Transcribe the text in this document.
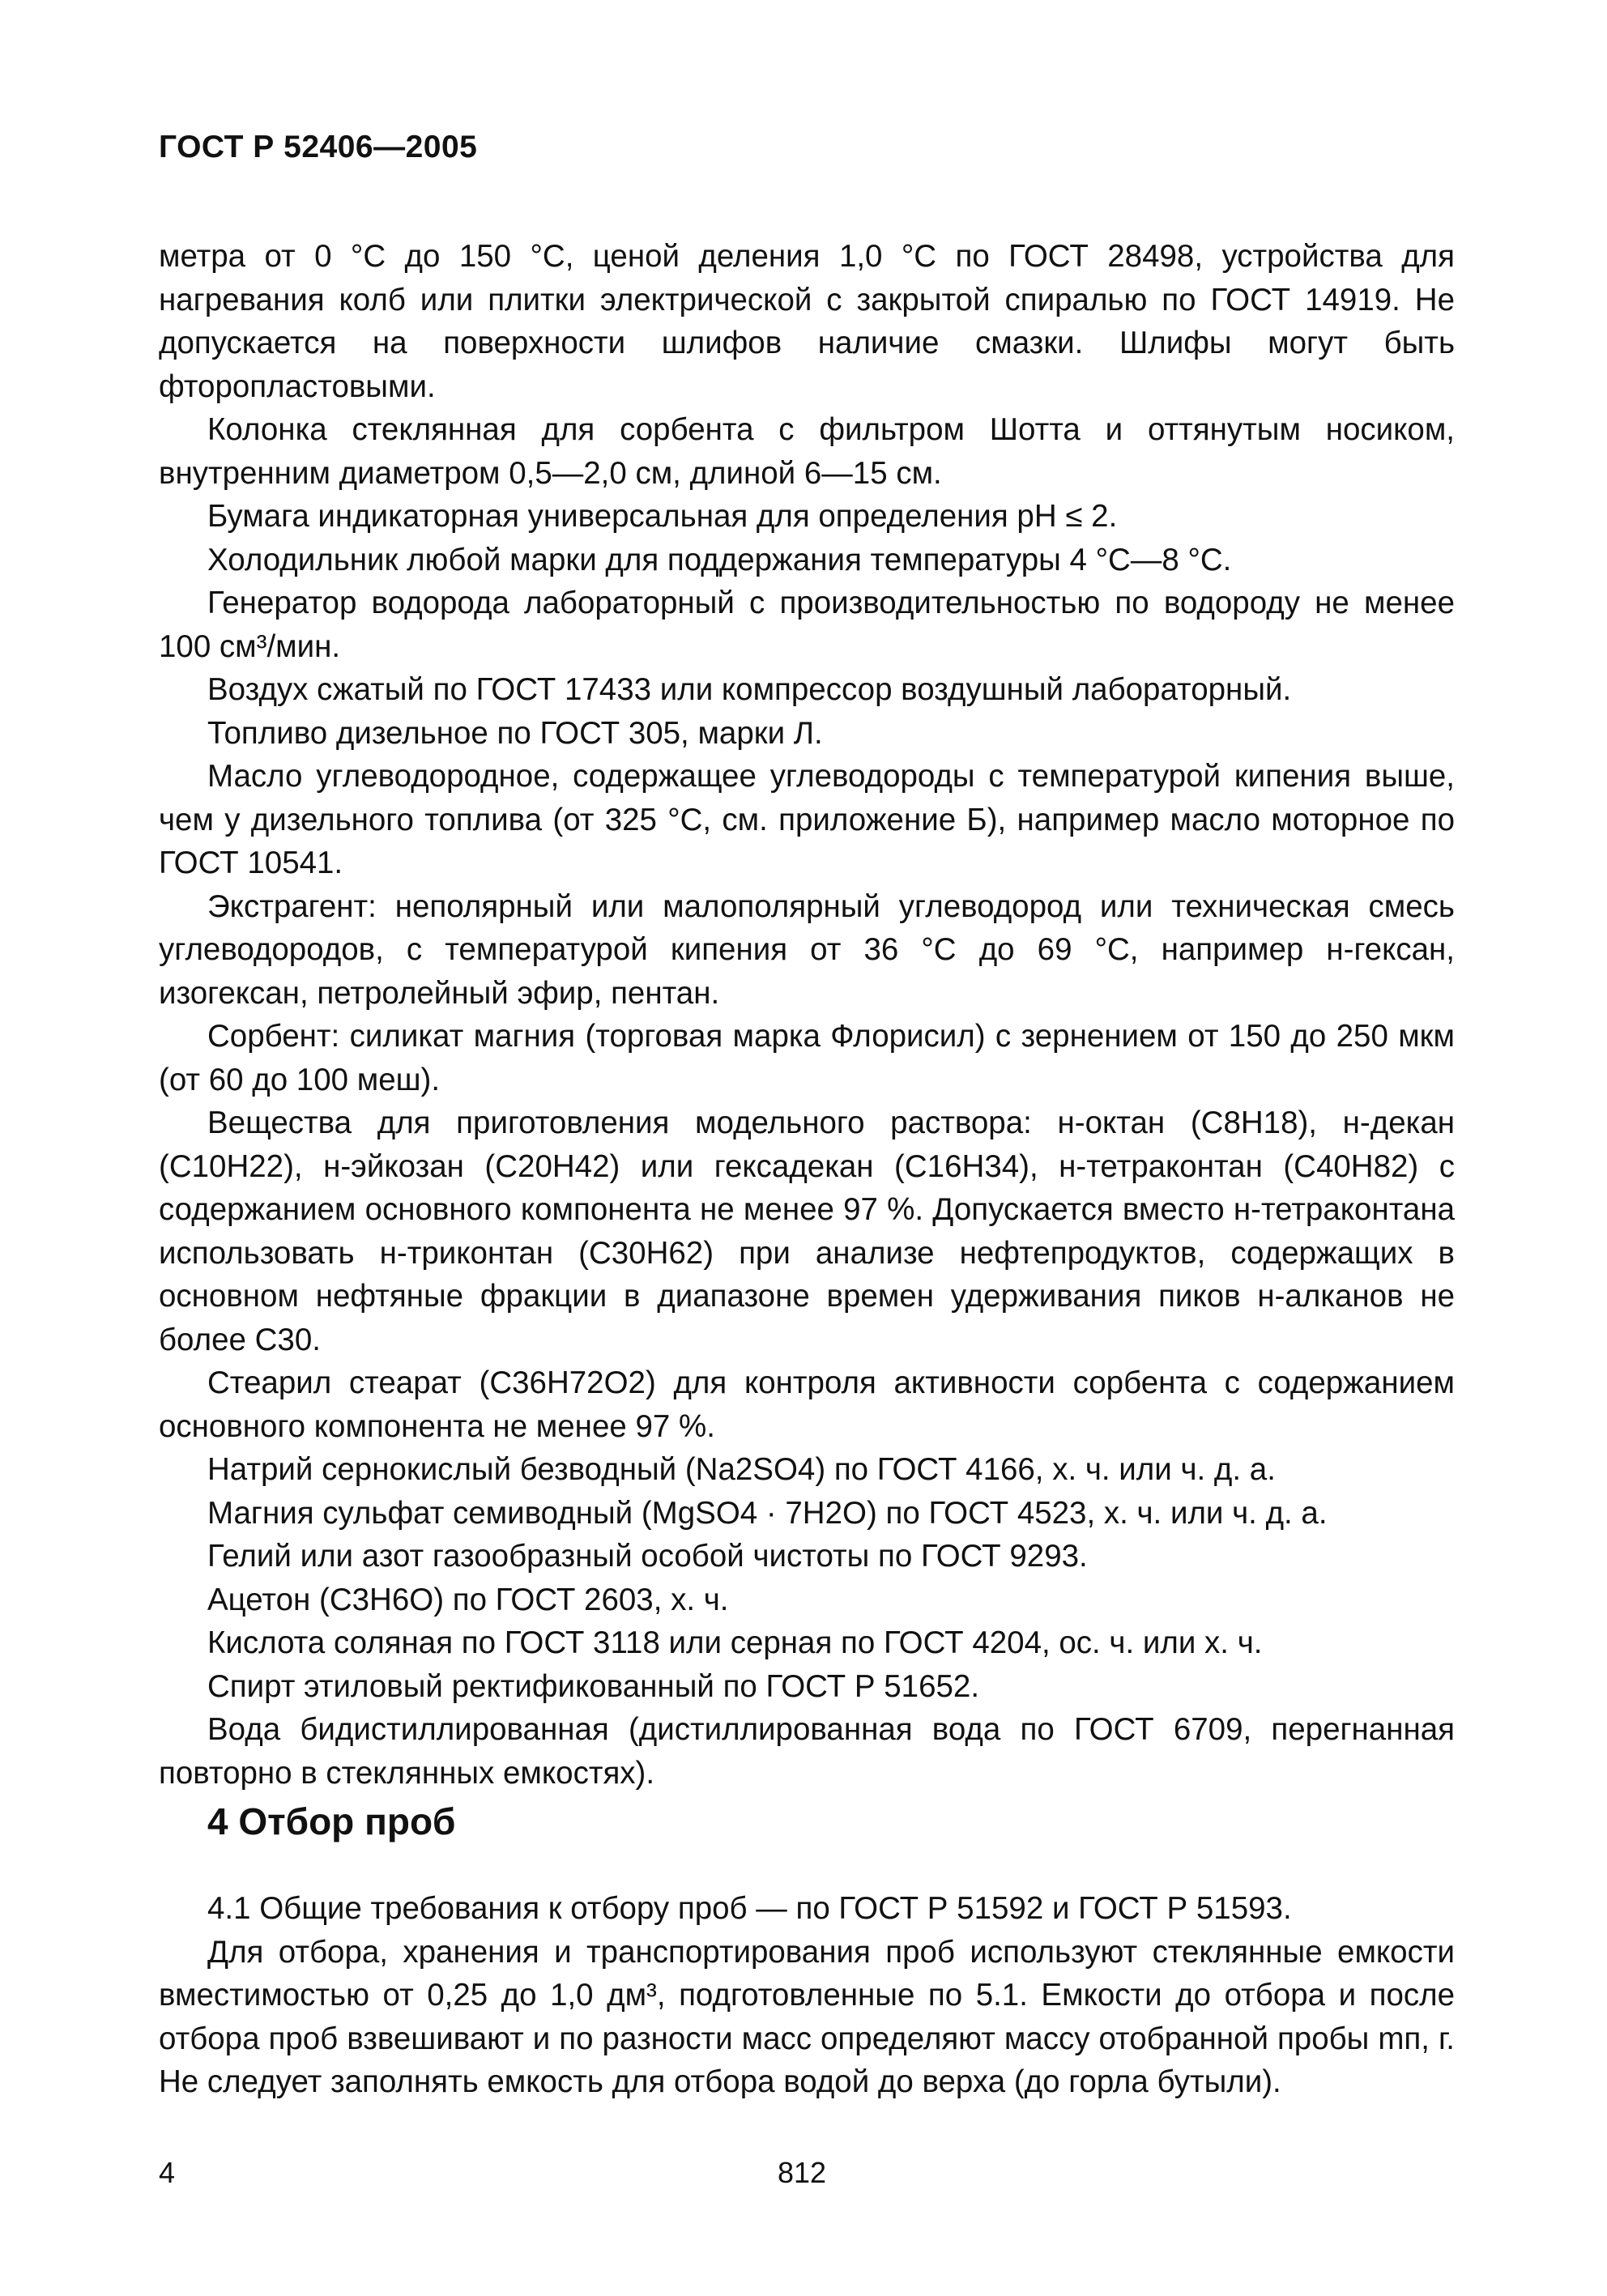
ГОСТ Р 52406—2005

метра от 0 °С до 150 °С, ценой деления 1,0 °С по ГОСТ 28498, устройства для нагревания колб или плитки электрической с закрытой спиралью по ГОСТ 14919. Не допускается на поверхности шлифов наличие смазки. Шлифы могут быть фторопластовыми.

Колонка стеклянная для сорбента с фильтром Шотта и оттянутым носиком, внутренним диаметром 0,5—2,0 см, длиной 6—15 см.

Бумага индикаторная универсальная для определения pH ≤ 2.

Холодильник любой марки для поддержания температуры 4 °С—8 °С.

Генератор водорода лабораторный с производительностью по водороду не менее 100 см³/мин.

Воздух сжатый по ГОСТ 17433 или компрессор воздушный лабораторный.

Топливо дизельное по ГОСТ 305, марки Л.

Масло углеводородное, содержащее углеводороды с температурой кипения выше, чем у дизельного топлива (от 325 °С, см. приложение Б), например масло моторное по ГОСТ 10541.

Экстрагент: неполярный или малополярный углеводород или техническая смесь углеводородов, с температурой кипения от 36 °С до 69 °С, например н-гексан, изогексан, петролейный эфир, пентан.

Сорбент: силикат магния (торговая марка Флорисил) с зернением от 150 до 250 мкм (от 60 до 100 меш).

Вещества для приготовления модельного раствора: н-октан (C8H18), н-декан (C10H22), н-эйкозан (C20H42) или гексадекан (C16H34), н-тетраконтан (C40H82) с содержанием основного компонента не менее 97 %. Допускается вместо н-тетраконтана использовать н-триконтан (C30H62) при анализе нефтепродуктов, содержащих в основном нефтяные фракции в диапазоне времен удерживания пиков н-алканов не более C30.

Стеарил стеарат (C36H72O2) для контроля активности сорбента с содержанием основного компонента не менее 97 %.

Натрий сернокислый безводный (Na2SO4) по ГОСТ 4166, х. ч. или ч. д. а.

Магния сульфат семиводный (MgSO4 · 7H2O) по ГОСТ 4523, х. ч. или ч. д. а.

Гелий или азот газообразный особой чистоты по ГОСТ 9293.

Ацетон (C3H6O) по ГОСТ 2603, х. ч.

Кислота соляная по ГОСТ 3118 или серная по ГОСТ 4204, ос. ч. или х. ч.

Спирт этиловый ректификованный по ГОСТ Р 51652.

Вода бидистиллированная (дистиллированная вода по ГОСТ 6709, перегнанная повторно в стеклянных емкостях).

4 Отбор проб

4.1 Общие требования к отбору проб — по ГОСТ Р 51592 и ГОСТ Р 51593.

Для отбора, хранения и транспортирования проб используют стеклянные емкости вместимостью от 0,25 до 1,0 дм³, подготовленные по 5.1. Емкости до отбора и после отбора проб взвешивают и по разности масс определяют массу отобранной пробы mп, г. Не следует заполнять емкость для отбора водой до верха (до горла бутыли).

4	812
